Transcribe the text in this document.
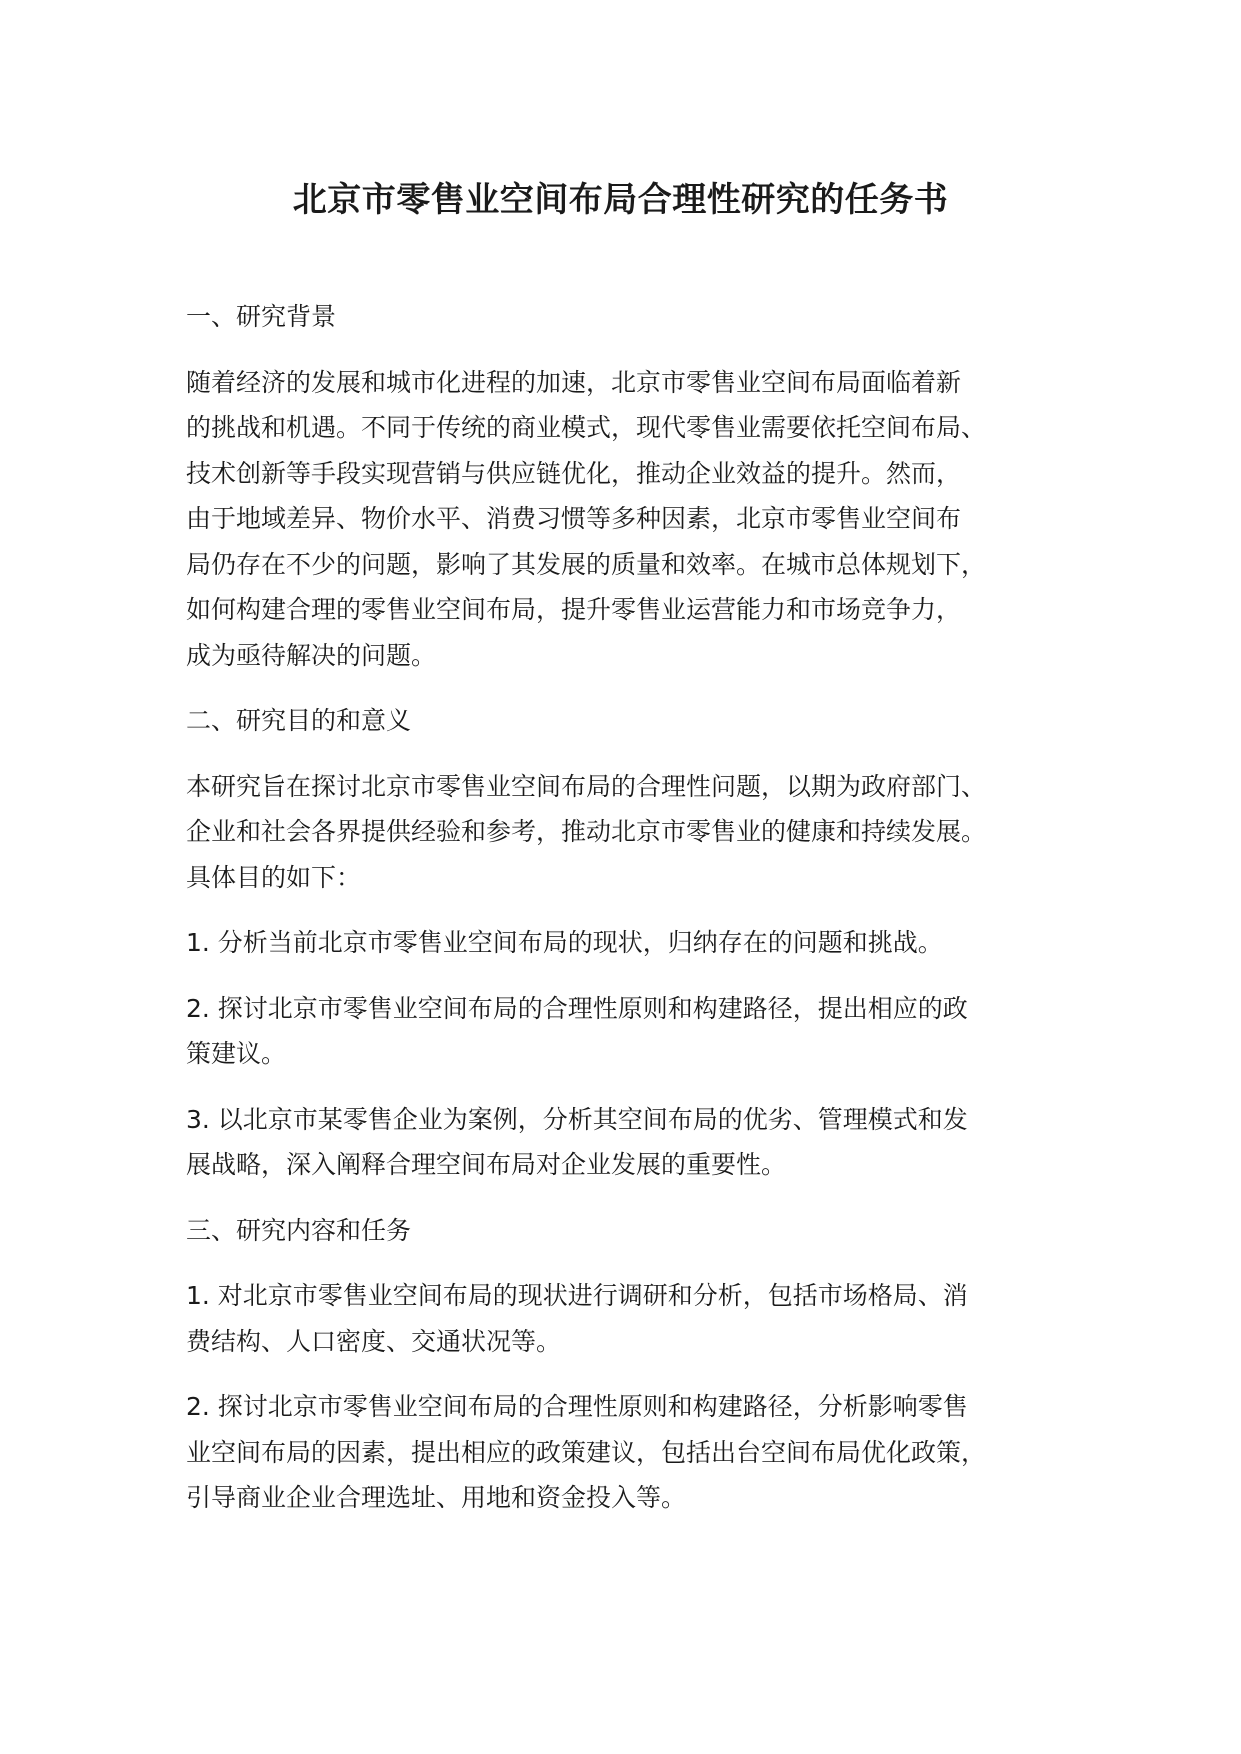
北京市零售业空间布局合理性研究的任务书

一、研究背景

随着经济的发展和城市化进程的加速，北京市零售业空间布局面临着新
的挑战和机遇。不同于传统的商业模式，现代零售业需要依托空间布局、
技术创新等手段实现营销与供应链优化，推动企业效益的提升。然而，
由于地域差异、物价水平、消费习惯等多种因素，北京市零售业空间布
局仍存在不少的问题，影响了其发展的质量和效率。在城市总体规划下，
如何构建合理的零售业空间布局，提升零售业运营能力和市场竞争力，
成为亟待解决的问题。

二、研究目的和意义

本研究旨在探讨北京市零售业空间布局的合理性问题，以期为政府部门、
企业和社会各界提供经验和参考，推动北京市零售业的健康和持续发展。
具体目的如下：

1. 分析当前北京市零售业空间布局的现状，归纳存在的问题和挑战。

2. 探讨北京市零售业空间布局的合理性原则和构建路径，提出相应的政
策建议。

3. 以北京市某零售企业为案例，分析其空间布局的优劣、管理模式和发
展战略，深入阐释合理空间布局对企业发展的重要性。

三、研究内容和任务

1. 对北京市零售业空间布局的现状进行调研和分析，包括市场格局、消
费结构、人口密度、交通状况等。

2. 探讨北京市零售业空间布局的合理性原则和构建路径，分析影响零售
业空间布局的因素，提出相应的政策建议，包括出台空间布局优化政策，
引导商业企业合理选址、用地和资金投入等。
